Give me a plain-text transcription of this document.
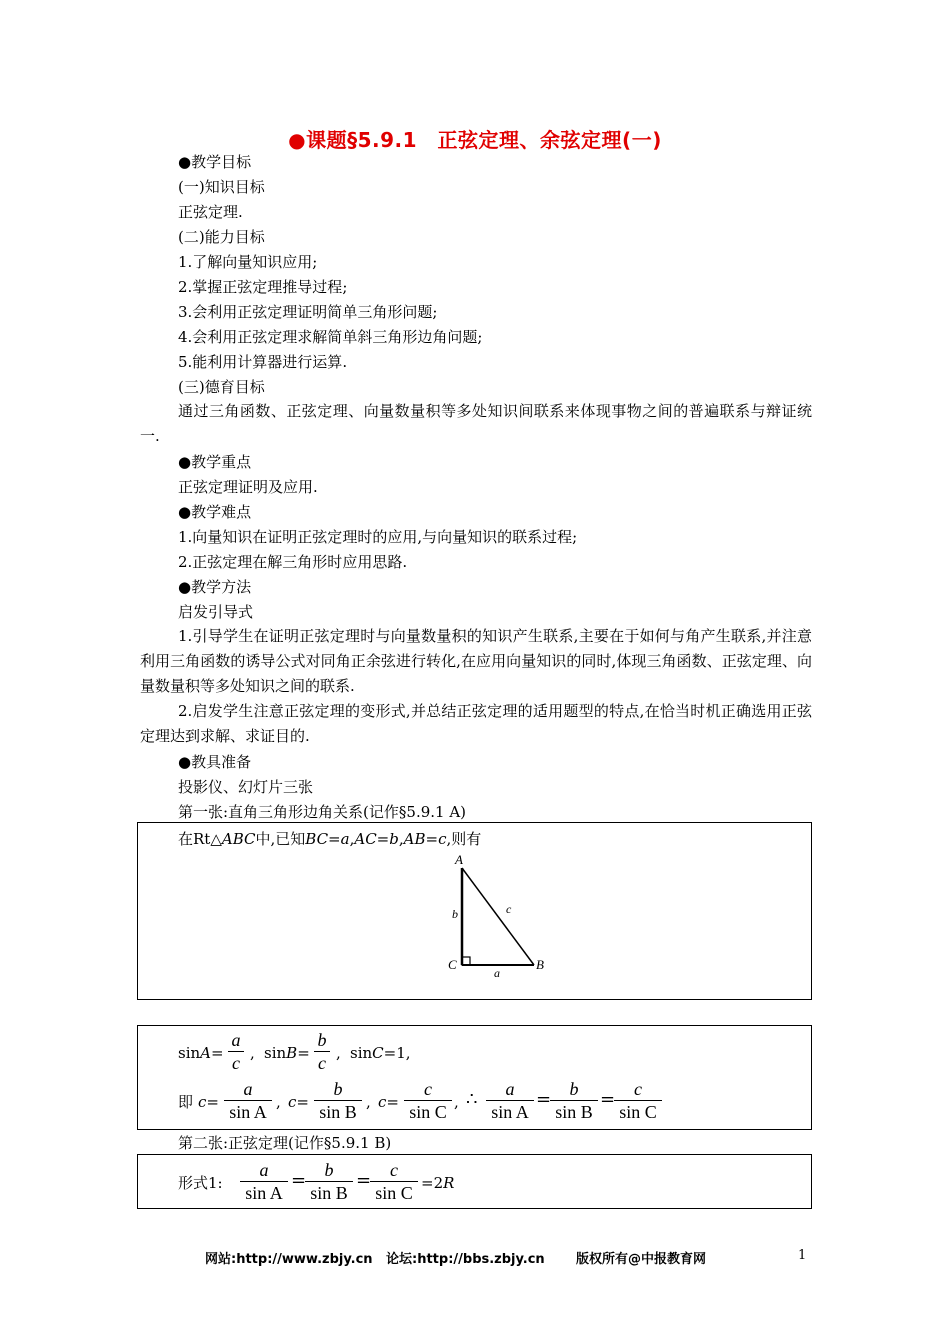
●课题§5.9.1　正弦定理、余弦定理(一)
●教学目标
(一)知识目标
正弦定理.
(二)能力目标
1.了解向量知识应用;
2.掌握正弦定理推导过程;
3.会利用正弦定理证明简单三角形问题;
4.会利用正弦定理求解简单斜三角形边角问题;
5.能利用计算器进行运算.
(三)德育目标
通过三角函数、正弦定理、向量数量积等多处知识间联系来体现事物之间的普遍联系与辩证统一.
●教学重点
正弦定理证明及应用.
●教学难点
1.向量知识在证明正弦定理时的应用,与向量知识的联系过程;
2.正弦定理在解三角形时应用思路.
●教学方法
启发引导式
1.引导学生在证明正弦定理时与向量数量积的知识产生联系,主要在于如何与角产生联系,并注意利用三角函数的诱导公式对同角正余弦进行转化,在应用向量知识的同时,体现三角函数、正弦定理、向量数量积等多处知识之间的联系.
2.启发学生注意正弦定理的变形式,并总结正弦定理的适用题型的特点,在恰当时机正确选用正弦定理达到求解、求证目的.
●教具准备
投影仪、幻灯片三张
第一张:直角三角形边角关系(记作§5.9.1 A)
在Rt△ABC中,已知BC=a,AC=b,AB=c,则有
A
B
C
a
b	c
sinA=
a
c , sinB=
b
c , sinC=1,
即 c=
a
sin A , c=
b
sin B , c=
c
sin C , ∴	a
sin A
=	b
sin B
=	c
sin C
第二张:正弦定理(记作§5.9.1 B)
形式1:
a
sin A
=	b
sin B
=	c
sin C =2R
网站:http://www.zbjy.cn 论坛:http://bbs.zbjy.cn 版权所有@中报教育网	1
